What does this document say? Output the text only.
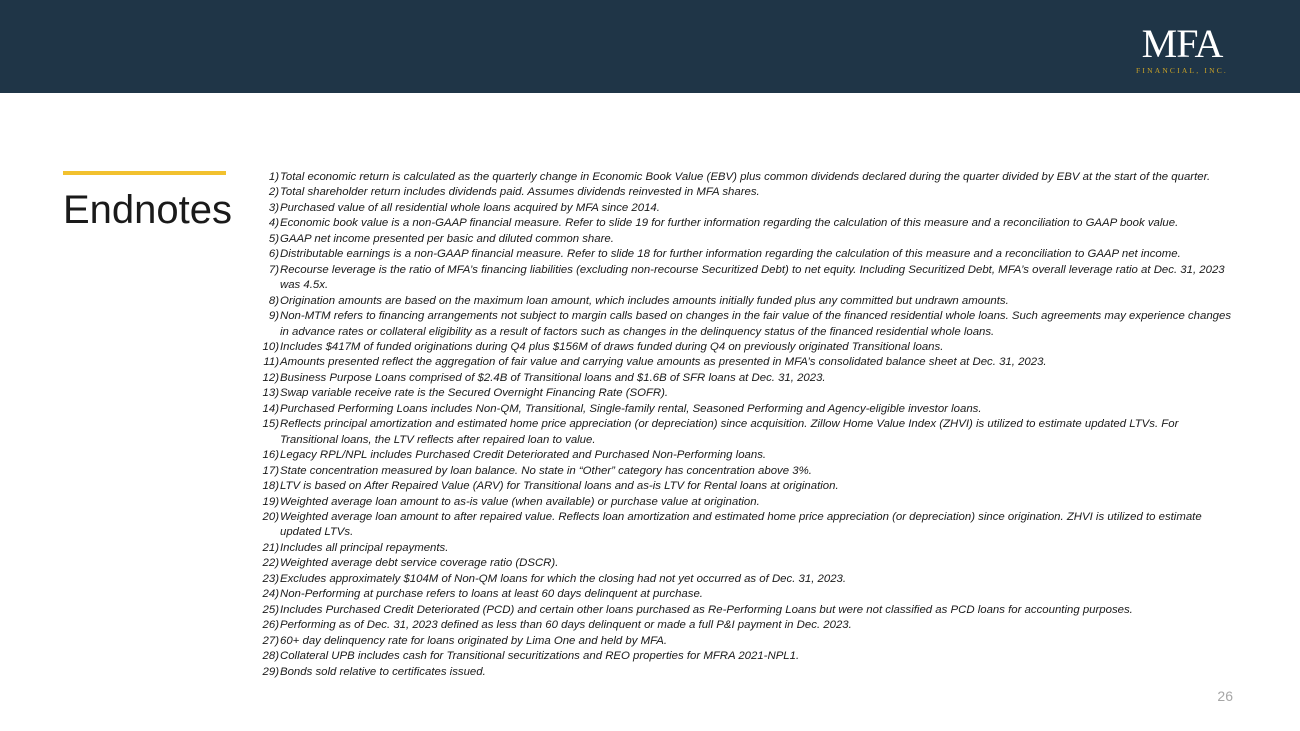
MFA
FINANCIAL, INC.
Endnotes
1) Total economic return is calculated as the quarterly change in Economic Book Value (EBV) plus common dividends declared during the quarter divided by EBV at the start of the quarter.
2) Total shareholder return includes dividends paid. Assumes dividends reinvested in MFA shares.
3) Purchased value of all residential whole loans acquired by MFA since 2014.
4) Economic book value is a non-GAAP financial measure. Refer to slide 19 for further information regarding the calculation of this measure and a reconciliation to GAAP book value.
5) GAAP net income presented per basic and diluted common share.
6) Distributable earnings is a non-GAAP financial measure. Refer to slide 18 for further information regarding the calculation of this measure and a reconciliation to GAAP net income.
7) Recourse leverage is the ratio of MFA’s financing liabilities (excluding non-recourse Securitized Debt) to net equity. Including Securitized Debt, MFA’s overall leverage ratio at Dec. 31, 2023 was 4.5x.
8) Origination amounts are based on the maximum loan amount, which includes amounts initially funded plus any committed but undrawn amounts.
9) Non-MTM refers to financing arrangements not subject to margin calls based on changes in the fair value of the financed residential whole loans. Such agreements may experience changes in advance rates or collateral eligibility as a result of factors such as changes in the delinquency status of the financed residential whole loans.
10) Includes $417M of funded originations during Q4 plus $156M of draws funded during Q4 on previously originated Transitional loans.
11) Amounts presented reflect the aggregation of fair value and carrying value amounts as presented in MFA’s consolidated balance sheet at Dec. 31, 2023.
12) Business Purpose Loans comprised of $2.4B of Transitional loans and $1.6B of SFR loans at Dec. 31, 2023.
13) Swap variable receive rate is the Secured Overnight Financing Rate (SOFR).
14) Purchased Performing Loans includes Non-QM, Transitional, Single-family rental, Seasoned Performing and Agency-eligible investor loans.
15) Reflects principal amortization and estimated home price appreciation (or depreciation) since acquisition. Zillow Home Value Index (ZHVI) is utilized to estimate updated LTVs. For Transitional loans, the LTV reflects after repaired loan to value.
16) Legacy RPL/NPL includes Purchased Credit Deteriorated and Purchased Non-Performing loans.
17) State concentration measured by loan balance. No state in “Other” category has concentration above 3%.
18) LTV is based on After Repaired Value (ARV) for Transitional loans and as-is LTV for Rental loans at origination.
19) Weighted average loan amount to as-is value (when available) or purchase value at origination.
20) Weighted average loan amount to after repaired value. Reflects loan amortization and estimated home price appreciation (or depreciation) since origination. ZHVI is utilized to estimate updated LTVs.
21) Includes all principal repayments.
22) Weighted average debt service coverage ratio (DSCR).
23) Excludes approximately $104M of Non-QM loans for which the closing had not yet occurred as of Dec. 31, 2023.
24) Non-Performing at purchase refers to loans at least 60 days delinquent at purchase.
25) Includes Purchased Credit Deteriorated (PCD) and certain other loans purchased as Re-Performing Loans but were not classified as PCD loans for accounting purposes.
26) Performing as of Dec. 31, 2023 defined as less than 60 days delinquent or made a full P&I payment in Dec. 2023.
27) 60+ day delinquency rate for loans originated by Lima One and held by MFA.
28) Collateral UPB includes cash for Transitional securitizations and REO properties for MFRA 2021-NPL1.
29) Bonds sold relative to certificates issued.
26
